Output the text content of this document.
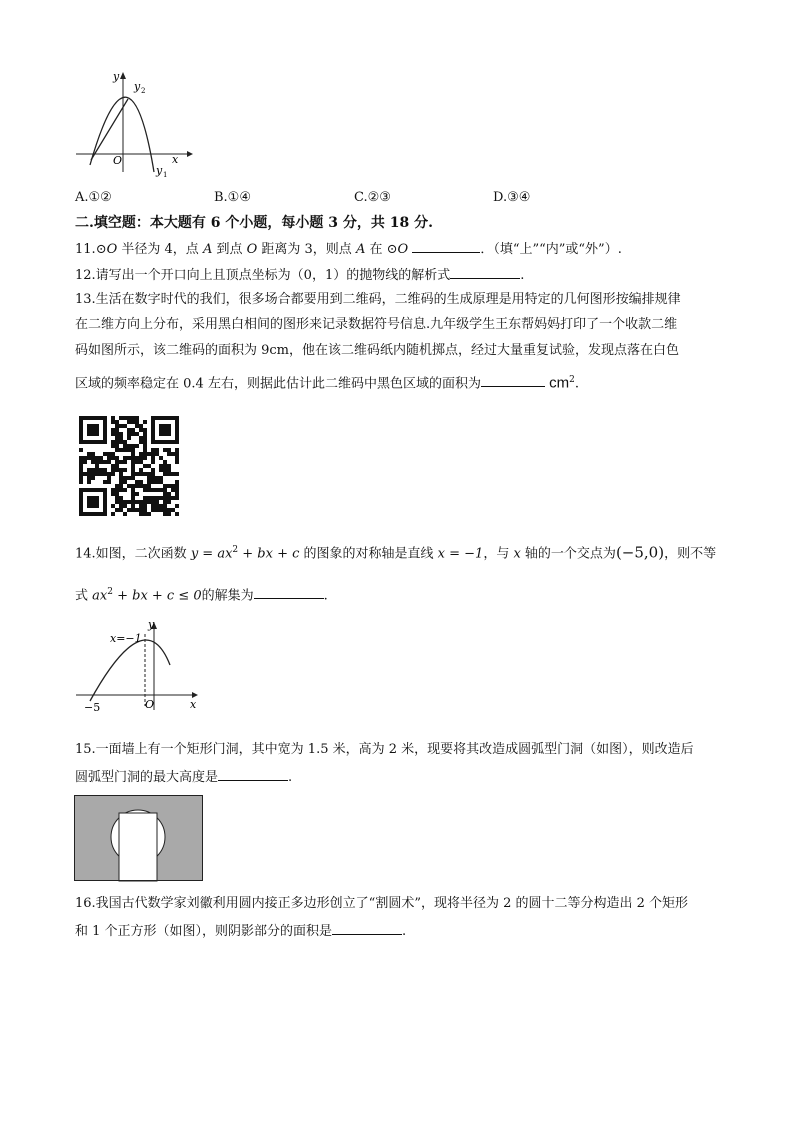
y
y 2
x
O
y 1
A.①②	B.①④	C.②③	D.③④
二.填空题：本大题有 6 个小题，每小题 3 分，共 18 分.
11.⊙O 半径为 4，点 A 到点 O 距离为 3，则点 A 在 ⊙O	．（填“上”“内”或“外”）.
12.请写出一个开口向上且顶点坐标为（0，1）的抛物线的解析式	.
13.生活在数字时代的我们，很多场合都要用到二维码，二维码的生成原理是用特定的几何图形按编排规律
在二维方向上分布，采用黑白相间的图形来记录数据符号信息.九年级学生王东帮妈妈打印了一个收款二维
码如图所示，该二维码的面积为 9cm，他在该二维码纸内随机掷点，经过大量重复试验，发现点落在白色
区域的频率稳定在 0.4 左右，则据此估计此二维码中黑色区域的面积为	$cm^2$.
14.如图，二次函数 $y = ax^2$ + bx + c 的图象的对称轴是直线 x = −1，与 x 轴的一个交点为(−5,0)，则不等
式 $ax^2$ + bx + c ≤ 0的解集为	.
x=−1
y
x
O
−5
15.一面墙上有一个矩形门洞，其中宽为 1.5 米，高为 2 米，现要将其改造成圆弧型门洞（如图），则改造后
圆弧型门洞的最大高度是	.
16.我国古代数学家刘徽利用圆内接正多边形创立了“割圆术”，现将半径为 2 的圆十二等分构造出 2 个矩形
和 1 个正方形（如图），则阴影部分的面积是	.
